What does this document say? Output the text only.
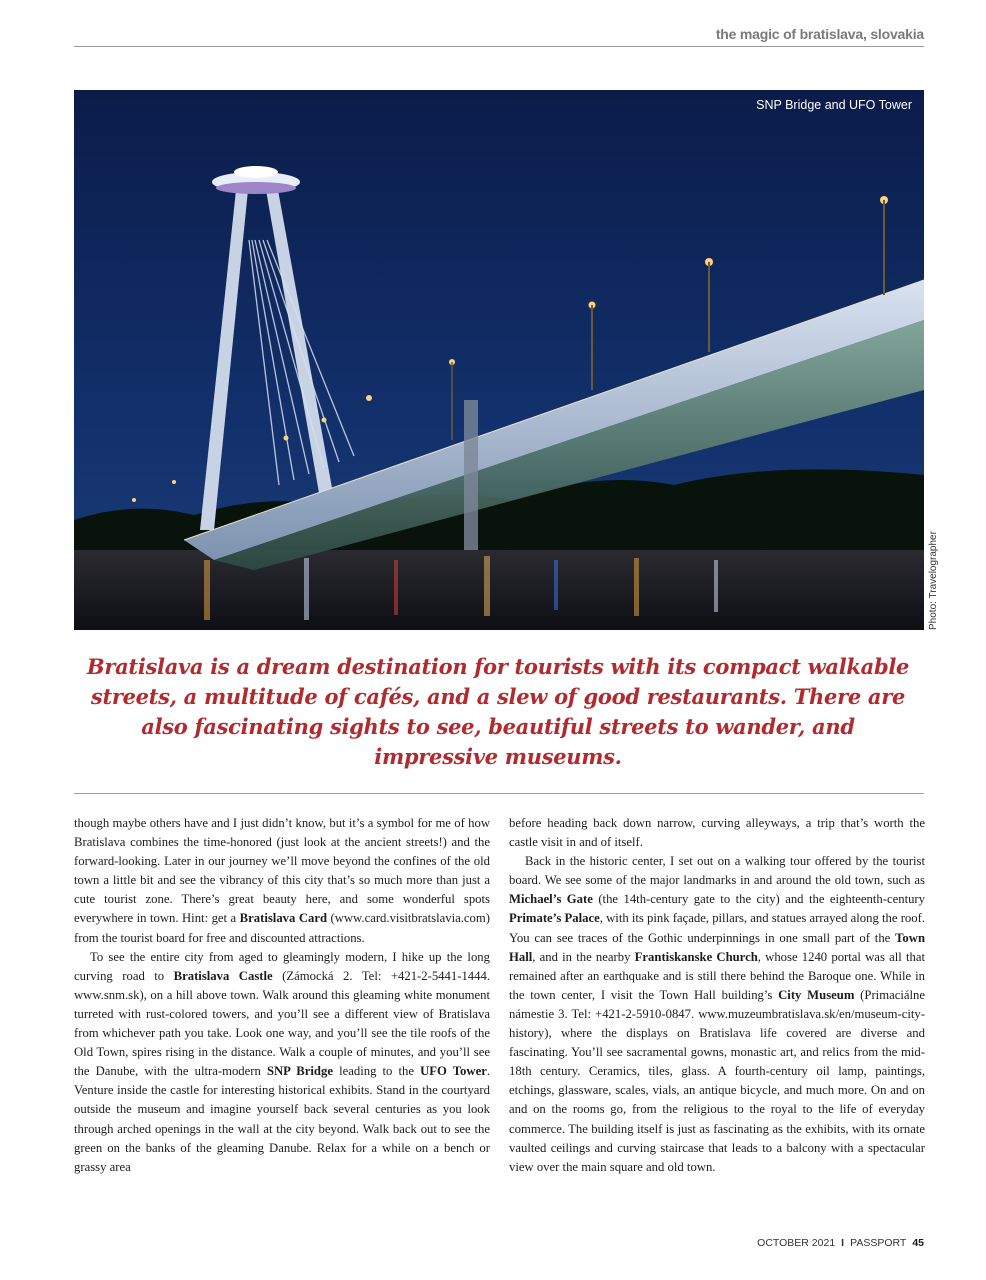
the magic of bratislava, slovakia
SNP Bridge and UFO Tower
Photo: Travelographer
Bratislava is a dream destination for tourists with its compact walkable streets, a multitude of cafés, and a slew of good restaurants. There are also fascinating sights to see, beautiful streets to wander, and impressive museums.

though maybe others have and I just didn’t know, but it’s a symbol for me of how Bratislava combines the time-honored (just look at the ancient streets!) and the forward-looking. Later in our journey we’ll move beyond the confines of the old town a little bit and see the vibrancy of this city that’s so much more than just a cute tourist zone. There’s great beauty here, and some wonderful spots everywhere in town. Hint: get a Bratislava Card (www.card.visitbratslavia.com) from the tourist board for free and discounted attractions.

To see the entire city from aged to gleamingly modern, I hike up the long curving road to Bratislava Castle (Zámocká 2. Tel: +421-2-5441-1444. www.snm.sk), on a hill above town. Walk around this gleaming white monument turreted with rust-colored towers, and you’ll see a different view of Bratislava from whichever path you take. Look one way, and you’ll see the tile roofs of the Old Town, spires rising in the distance. Walk a couple of minutes, and you’ll see the Danube, with the ultra-modern SNP Bridge leading to the UFO Tower. Venture inside the castle for interesting historical exhibits. Stand in the courtyard outside the museum and imagine yourself back several centuries as you look through arched openings in the wall at the city beyond. Walk back out to see the green on the banks of the gleaming Danube. Relax for a while on a bench or grassy area

before heading back down narrow, curving alleyways, a trip that’s worth the castle visit in and of itself.

Back in the historic center, I set out on a walking tour offered by the tourist board. We see some of the major landmarks in and around the old town, such as Michael’s Gate (the 14th-century gate to the city) and the eighteenth-century Primate’s Palace, with its pink façade, pillars, and statues arrayed along the roof. You can see traces of the Gothic underpinnings in one small part of the Town Hall, and in the nearby Frantiskanske Church, whose 1240 portal was all that remained after an earthquake and is still there behind the Baroque one. While in the town center, I visit the Town Hall building’s City Museum (Primaciálne námestie 3. Tel: +421-2-5910-0847. www.muzeumbratislava.sk/en/museum-city-history), where the displays on Bratislava life covered are diverse and fascinating. You’ll see sacramental gowns, monastic art, and relics from the mid-18th century. Ceramics, tiles, glass. A fourth-century oil lamp, paintings, etchings, glassware, scales, vials, an antique bicycle, and much more. On and on and on the rooms go, from the religious to the royal to the life of everyday commerce. The building itself is just as fascinating as the exhibits, with its ornate vaulted ceilings and curving staircase that leads to a balcony with a spectacular view over the main square and old town.

OCTOBER 2021 I PASSPORT 45
